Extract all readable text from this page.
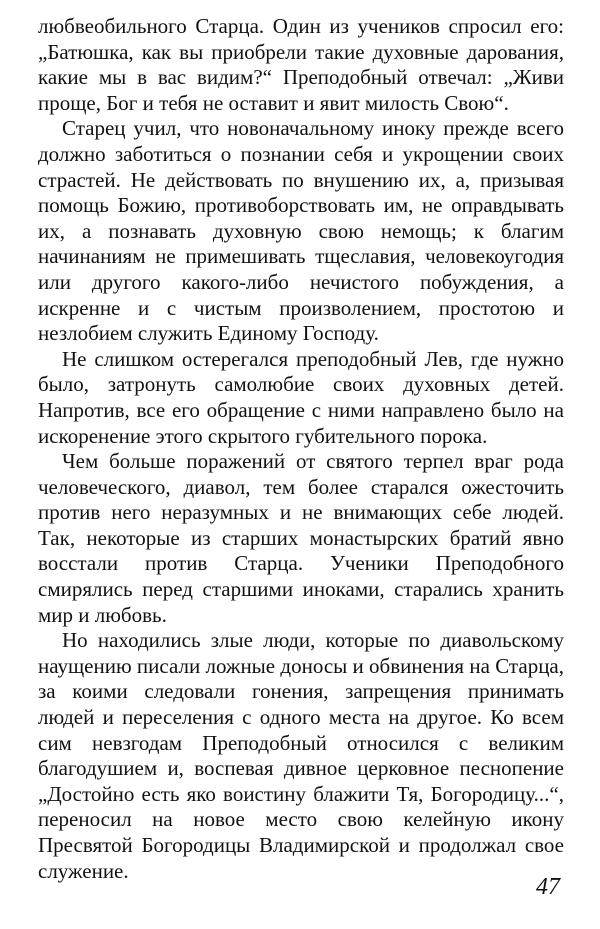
любвеобильного Старца. Один из учеников спросил его: „Батюшка, как вы приобрели такие духовные дарования, какие мы в вас видим?“ Преподобный отвечал: „Живи проще, Бог и тебя не оставит и явит милость Свою“.

Старец учил, что новоначальному иноку прежде всего должно заботиться о познании себя и укрощении своих страстей. Не действовать по внушению их, а, призывая помощь Божию, противоборствовать им, не оправдывать их, а познавать духовную свою немощь; к благим начинаниям не примешивать тщеславия, человекоугодия или другого какого-либо нечистого побуждения, а искренне и с чистым произволением, простотою и незлобием служить Единому Господу.

Не слишком остерегался преподобный Лев, где нужно было, затронуть самолюбие своих духовных детей. Напротив, все его обращение с ними направлено было на искоренение этого скрытого губительного порока.

Чем больше поражений от святого терпел враг рода человеческого, диавол, тем более старался ожесточить против него неразумных и не внимающих себе людей. Так, некоторые из старших монастырских братий явно восстали против Старца. Ученики Преподобного смирялись перед старшими иноками, старались хранить мир и любовь.

Но находились злые люди, которые по диавольскому наущению писали ложные доносы и обвинения на Старца, за коими следовали гонения, запрещения принимать людей и переселения с одного места на другое. Ко всем сим невзгодам Преподобный относился с великим благодушием и, воспевая дивное церковное песнопение „Достойно есть яко воистину блажити Тя, Богородицу...“, переносил на новое место свою келейную икону Пресвятой Богородицы Владимирской и продолжал свое служение.

47
